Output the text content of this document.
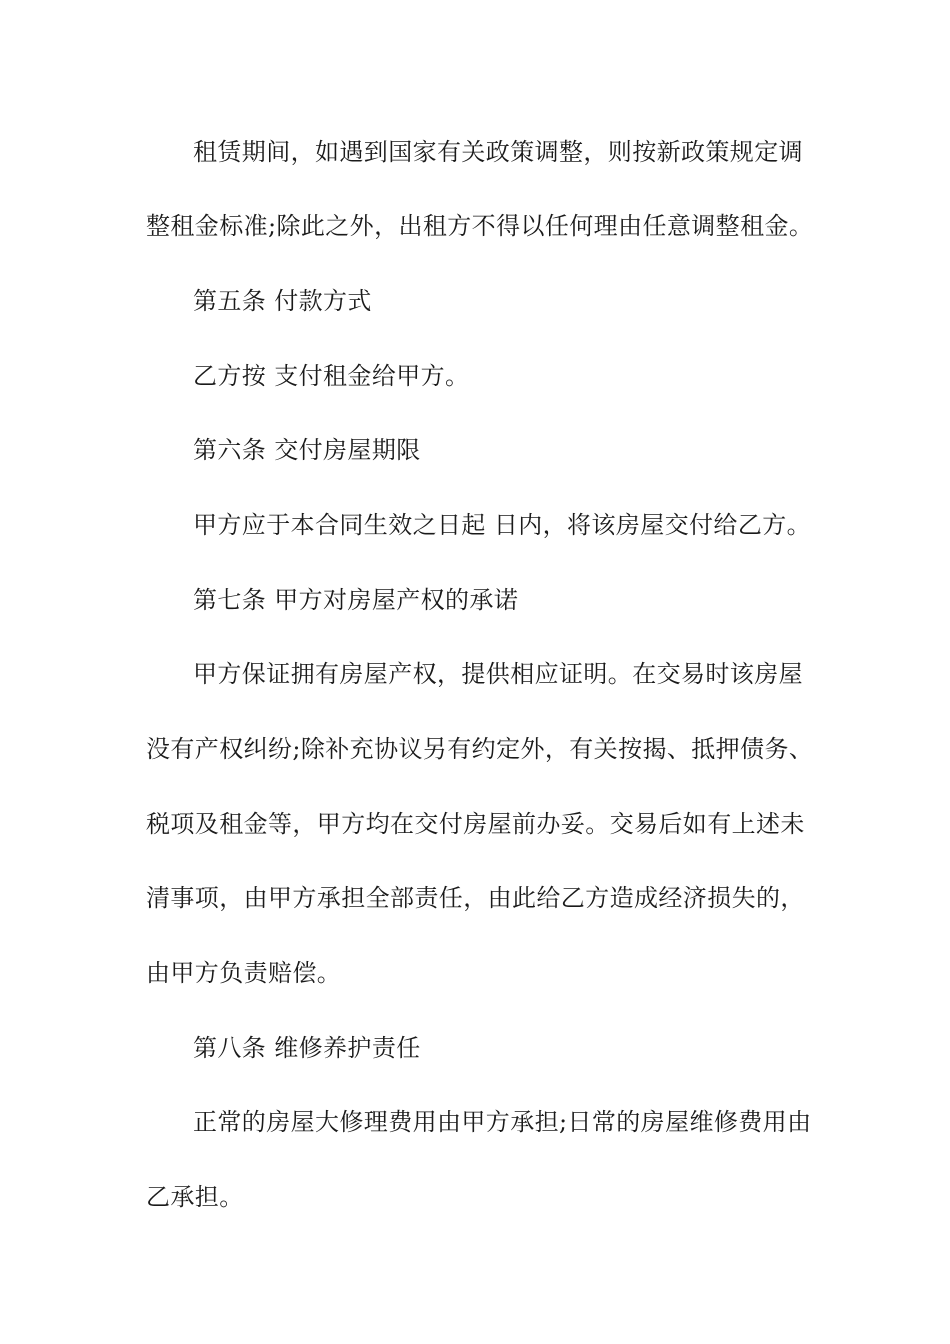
租赁期间，如遇到国家有关政策调整，则按新政策规定调
整租金标准;除此之外，出租方不得以任何理由任意调整租金。
第五条 付款方式
乙方按 支付租金给甲方。
第六条 交付房屋期限
甲方应于本合同生效之日起 日内，将该房屋交付给乙方。
第七条 甲方对房屋产权的承诺
甲方保证拥有房屋产权，提供相应证明。在交易时该房屋
没有产权纠纷;除补充协议另有约定外，有关按揭、抵押债务、
税项及租金等，甲方均在交付房屋前办妥。交易后如有上述未
清事项，由甲方承担全部责任，由此给乙方造成经济损失的，
由甲方负责赔偿。
第八条 维修养护责任
正常的房屋大修理费用由甲方承担;日常的房屋维修费用由
乙承担。
